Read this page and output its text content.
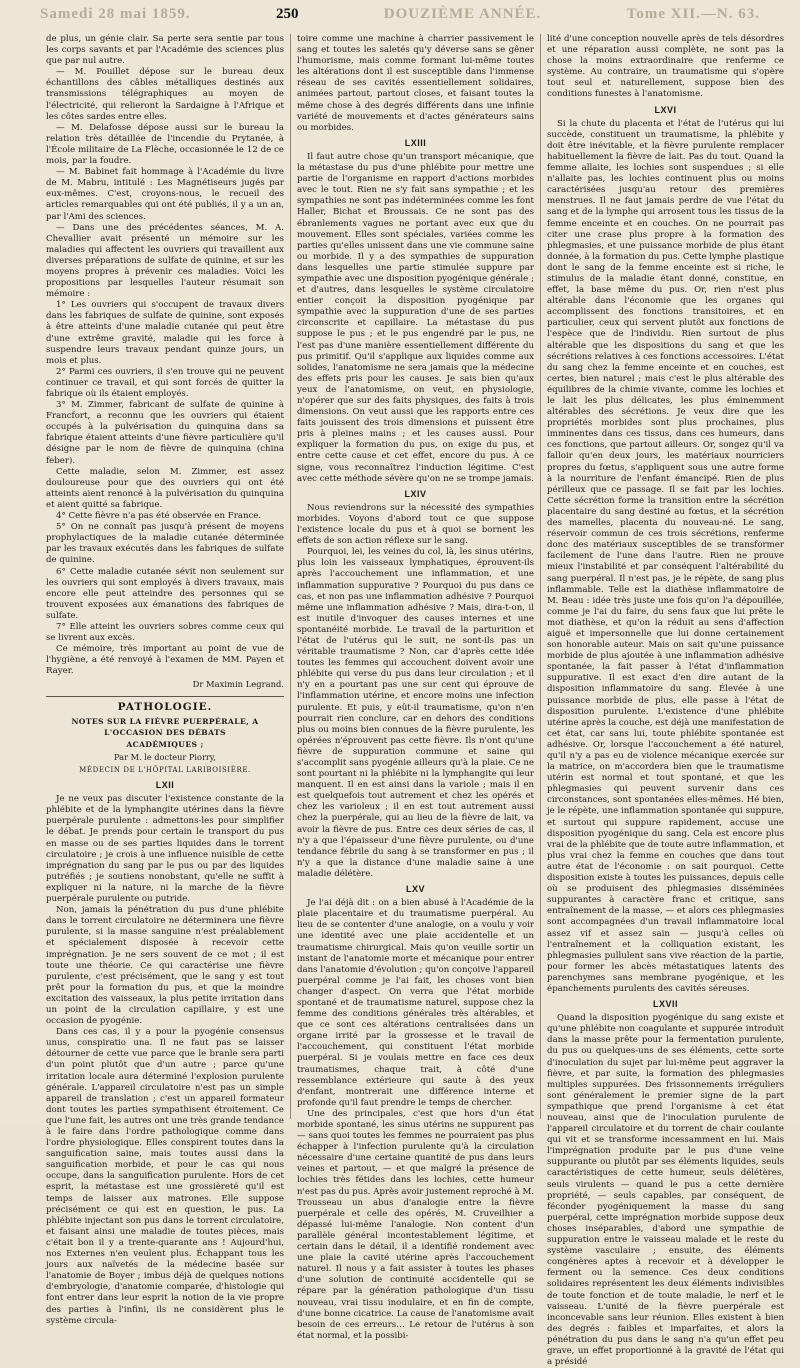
Samedi 28 mai 1859.	250	DOUZIÈME ANNÉE.	Tome XII.—N. 63.

de plus, un génie clair. Sa perte sera sentie par tous les corps savants et par l'Académie des sciences plus que par nul autre.

— M. Pouillet dépose sur le bureau deux échantillons des câbles métalliques destinés aux transmissions télégraphiques au moyen de l'électricité, qui relieront la Sardaigne à l'Afrique et les côtes sardes entre elles.

— M. Delafosse dépose aussi sur le bureau la relation très détaillée de l'incendie du Prytanée, à l'École militaire de La Flèche, occasionnée le 12 de ce mois, par la foudre.

— M. Babinet fait hommage à l'Académie du livre de M. Mabru, intitulé : Les Magnétiseurs jugés par eux-mêmes. C'est, croyons-nous, le recueil des articles remarquables qui ont été publiés, il y a un an, par l'Ami des sciences.

— Dans une des précédentes séances, M. A. Chevallier avait présenté un mémoire sur les maladies qui affectent les ouvriers qui travaillent aux diverses préparations de sulfate de quinine, et sur les moyens propres à prévenir ces maladies. Voici les propositions par lesquelles l'auteur résumait son mémoire :

1° Les ouvriers qui s'occupent de travaux divers dans les fabriques de sulfate de quinine, sont exposés à être atteints d'une maladie cutanée qui peut être d'une extrême gravité, maladie qui les force à suspendre leurs travaux pendant quinze jours, un mois et plus.

2° Parmi ces ouvriers, il s'en trouve qui ne peuvent continuer ce travail, et qui sont forcés de quitter la fabrique où ils étaient employés.

3° M. Zimmer, fabricant de sulfate de quinine à Francfort, a reconnu que les ouvriers qui étaient occupés à la pulvérisation du quinquina dans sa fabrique étaient atteints d'une fièvre particulière qu'il désigne par le nom de fièvre de quinquina (china feber).

Cette maladie, selon M. Zimmer, est assez douloureuse pour que des ouvriers qui ont été atteints aient renoncé à la pulvérisation du quinquina et aient quitté sa fabrique.

4° Cette fièvre n'a pas été observée en France.

5° On ne connaît pas jusqu'à présent de moyens prophylactiques de la maladie cutanée déterminée par les travaux exécutés dans les fabriques de sulfate de quinine.

6° Cette maladie cutanée sévit non seulement sur les ouvriers qui sont employés à divers travaux, mais encore elle peut atteindre des personnes qui se trouvent exposées aux émanations des fabriques de sulfate.

7° Elle atteint les ouvriers sobres comme ceux qui se livrent aux excès.

Ce mémoire, très important au point de vue de l'hygiène, a été renvoyé à l'examen de MM. Payen et Rayer.

Dr Maximin Legrand.
PATHOLOGIE.
NOTES SUR LA FIÈVRE PUERPÉRALE, A L'OCCASION DES DÉBATS
ACADÉMIQUES ;
Par M. le docteur Piorry,
MÉDECIN DE L'HÔPITAL LARIBOISIÈRE.
LXII

Je ne veux pas discuter l'existence constante de la phlébite et de la lymphangite utérines dans la fièvre puerpérale purulente : admettons-les pour simplifier le débat. Je prends pour certain le transport du pus en masse ou de ses parties liquides dans le torrent circulatoire ; je crois à une influence nuisible de cette imprégnation du sang par le pus ou par des liquides putréfiés ; je soutiens nonobstant, qu'elle ne suffit à expliquer ni la nature, ni la marche de la fièvre puerpérale purulente ou putride.

Non, jamais la pénétration du pus d'une phlébite dans le torrent circulatoire ne déterminera une fièvre purulente, si la masse sanguine n'est préalablement et spécialement disposée à recevoir cette imprégnation. Je ne sers souvent de ce mot ; il est toute une théorie. Ce qui caractérise une fièvre purulente, c'est précisément, que le sang y est tout prêt pour la formation du pus, et que la moindre excitation des vaisseaux, la plus petite irritation dans un point de la circulation capillaire, y est une occasion de pyogénie.

Dans ces cas, il y a pour la pyogénie consensus unus, conspiratio una. Il ne faut pas se laisser détourner de cette vue parce que le branle sera parti d'un point plutôt que d'un autre ; parce qu'une irritation locale aura déterminé l'explosion purulente générale. L'appareil circulatoire n'est pas un simple appareil de translation ; c'est un appareil formateur dont toutes les parties sympathisent étroitement. Ce que l'une fait, les autres ont une très grande tendance à le faire dans l'ordre pathologique comme dans l'ordre physiologique. Elles conspirent toutes dans la sanguification saine, mais toutes aussi dans la sanguification morbide, et pour le cas qui nous occupe, dans la sanguification purulente. Hors de cet esprit, la métastase est une grossièreté qu'il est temps de laisser aux matrones. Elle suppose précisément ce qui est en question, le pus. La phlébite injectant son pus dans le torrent circulatoire, et faisant ainsi une maladie de toutes pièces, mais c'était bon il y a trente-quarante ans ! Aujourd'hui, nos Externes n'en veulent plus. Échappant tous les jours aux naïvetés de la médecine basée sur l'anatomie de Boyer ; imbus déjà de quelques notions d'embryologie, d'anatomie comparée, d'histologie qui font entrer dans leur esprit la notion de la vie propre des parties à l'infini, ils ne considèrent plus le système circula-

toire comme une machine à charrier passivement le sang et toutes les saletés qu'y déverse sans se gêner l'humorisme, mais comme formant lui-même toutes les altérations dont il est susceptible dans l'immense réseau de ses cavités essentiellement solidaires, animées partout, partout closes, et faisant toutes la même chose à des degrés différents dans une infinie variété de mouvements et d'actes générateurs sains ou morbides.

LXIII

Il faut autre chose qu'un transport mécanique, que la métastase du pus d'une phlébite pour mettre une partie de l'organisme en rapport d'actions morbides avec le tout. Rien ne s'y fait sans sympathie ; et les sympathies ne sont pas indéterminées comme les font Haller, Bichat et Broussais. Ce ne sont pas des ébranlements vagues ne portant avec eux que du mouvement. Elles sont spéciales, variées comme les parties qu'elles unissent dans une vie commune saine ou morbide. Il y a des sympathies de suppuration dans lesquelles une partie stimulée suppure par sympathie avec une disposition pyogénique générale ; et d'autres, dans lesquelles le système circulatoire entier conçoit la disposition pyogénique par sympathie avec la suppuration d'une de ses parties circonscrite et capillaire. La métastase du pus suppose le pus ; et le pus engendré par le pus, ne l'est pas d'une manière essentiellement différente du pus primitif. Qu'il s'applique aux liquides comme aux solides, l'anatomisme ne sera jamais que la médecine des effets pris pour les causes. Je sais bien qu'aux yeux de l'anatomisme, on veut, en physiologie, n'opérer que sur des faits physiques, des faits à trois dimensions. On veut aussi que les rapports entre ces faits jouissent des trois dimensions et puissent être pris à pleines mains ; et les causes aussi. Pour expliquer la formation du pus, on exige du pus, et entre cette cause et cet effet, encore du pus. À ce signe, vous reconnaîtrez l'induction légitime. C'est avec cette méthode sévère qu'on ne se trompe jamais.

LXIV

Nous reviendrons sur la nécessité des sympathies morbides. Voyons d'abord tout ce que suppose l'existence locale du pus et à quoi se bornent les effets de son action réflexe sur le sang.

Pourquoi, lei, les veines du col, là, les sinus utérins, plus loin les vaisseaux lymphatiques, éprouvent-ils après l'accouchement une inflammation, et une inflammation suppurative ? Pourquoi du pus dans ce cas, et non pas une inflammation adhésive ? Pourquoi même une inflammation adhésive ? Mais, dira-t-on, il est inutile d'invoquer des causes internes et une spontanéité morbide. Le travail de la parturition et l'état de l'utérus qui le suit, ne sont-ils pas un véritable traumatisme ? Non, car d'après cette idée toutes les femmes qui accouchent doivent avoir une phlébite qui verse du pus dans leur circulation ; et il n'y en a pourtant pas une sur cent qui éprouve de l'inflammation utérine, et encore moins une infection purulente. Et puis, y eût-il traumatisme, qu'on n'en pourrait rien conclure, car en dehors des conditions plus ou moins bien connues de la fièvre purulente, les opérées n'éprouvent pas cette fièvre. Ils n'ont qu'une fièvre de suppuration commune et saine qui s'accomplit sans pyogénie ailleurs qu'à la plaie. Ce ne sont pourtant ni la phlébite ni la lymphangite qui leur manquent. Il en est ainsi dans la variole ; mais il en est quelquefois tout autrement et chez les opérés et chez les varioleux ; il en est tout autrement aussi chez la puerpérale, qui au lieu de la fièvre de lait, va avoir la fièvre de pus. Entre ces deux séries de cas, il n'y a que l'épaisseur d'une fièvre purulente, ou d'une tendance fébrile du sang à se transformer en pus ; il n'y a que la distance d'une maladie saine à une maladie délétère.

LXV

Je l'ai déjà dit : on a bien abusé à l'Académie de la plaie placentaire et du traumatisme puerpéral. Au lieu de se contenter d'une analogie, on a voulu y voir une identité avec une plaie accidentelle et un traumatisme chirurgical. Mais qu'on veuille sortir un instant de l'anatomie morte et mécanique pour entrer dans l'anatomie d'évolution ; qu'on conçoive l'appareil puerpéral comme je l'ai fait, les choses vont bien changer d'aspect. On verra que l'état morbide spontané et de traumatisme naturel, suppose chez la femme des conditions générales très altérables, et que ce sont ces altérations centralisées dans un organe irrité par la grossesse et le travail de l'accouchement, qui constituent l'état morbide puerpéral. Si je voulais mettre en face ces deux traumatismes, chaque trait, à côté d'une ressemblance extérieure qui saute à des yeux d'enfant, montrerait une différence interne et profonde qu'il faut prendre le temps de chercher.

Une des principales, c'est que hors d'un état morbide spontané, les sinus utérins ne suppurent pas — sans quoi toutes les femmes ne pourraient pas plus échapper à l'infection purulente qu'à la circulation nécessaire d'une certaine quantité de pus dans leurs veines et partout, — et que malgré la présence de lochies très fétides dans les lochies, cette humeur n'est pas du pus. Après avoir justement reproché à M. Trousseau un abus d'analogie entre la fièvre puerpérale et celle des opérés, M. Cruveilhier a dépassé lui-même l'analogie. Non content d'un parallèle général incontestablement légitime, et certain dans le détail, il a identifié rondement avec une plaie la cavité utérine après l'accouchement naturel. Il nous y a fait assister à toutes les phases d'une solution de continuité accidentelle qui se répare par la génération pathologique d'un tissu nouveau, vrai tissu inodulaire, et en fin de compte, d'une bonne cicatrice. La cause de l'anatomisme avait besoin de ces erreurs… Le retour de l'utérus à son état normal, et la possibi-

lité d'une conception nouvelle après de tels désordres et une réparation aussi complète, ne sont pas la chose la moins extraordinaire que renferme ce système. Au contraire, un traumatisme qui s'opère tout seul et naturellement, suppose bien des conditions funestes à l'anatomisme.

LXVI

Si la chute du placenta et l'état de l'utérus qui lui succède, constituent un traumatisme, la phlébite y doit être inévitable, et la fièvre purulente remplacer habituellement la fièvre de lait. Pas du tout. Quand la femme allaite, les lochies sont suspendues ; si elle n'allaite pas, les lochies continuent plus ou moins caractérisées jusqu'au retour des premières menstrues. Il ne faut jamais perdre de vue l'état du sang et de la lymphe qui arrosent tous les tissus de la femme enceinte et en couches. On ne pourrait pas citer une crase plus propre à la formation des phlegmasies, et une puissance morbide de plus étant donnée, à la formation du pus. Cette lymphe plastique dont le sang de la femme enceinte est si riche, le stimulus de la maladie étant donné, constitue, en effet, la base même du pus. Or, rien n'est plus altérable dans l'économie que les organes qui accomplissent des fonctions transitoires, et en particulier, ceux qui servent plutôt aux fonctions de l'espèce que de l'individu. Rien surtout de plus altérable que les dispositions du sang et que les sécrétions relatives à ces fonctions accessoires. L'état du sang chez la femme enceinte et en couches, est certes, bien naturel ; mais c'est le plus altérable des équilibres de la chimie vivante, comme les lochies et le lait les plus délicates, les plus éminemment altérables des sécrétions. Je veux dire que les propriétés morbides sont plus prochaines, plus imminentes dans ces tissus, dans ces humeurs, dans ces fonctions, que partout ailleurs. Or, songez qu'il va falloir qu'en deux jours, les matériaux nourriciers propres du fœtus, s'appliquent sous une autre forme à la nourriture de l'enfant émancipé. Rien de plus périlleux que ce passage. Il se fait par les lochies. Cette sécrétion forme la transition entre la sécrétion placentaire du sang destiné au fœtus, et la sécrétion des mamelles, placenta du nouveau-né. Le sang, réservoir commun de ces trois sécrétions, renferme donc des matériaux susceptibles de se transformer facilement de l'une dans l'autre. Rien ne prouve mieux l'instabilité et par conséquent l'altérabilité du sang puerpéral. Il n'est pas, je le répète, de sang plus inflammable. Telle est la diathèse inflammatoire de M. Beau : idée très juste une fois qu'on l'a dépouillée, comme je l'ai du faire, du sens faux que lui prête le mot diathèse, et qu'on la réduit au sens d'affection aiguë et impersonnelle que lui donne certainement son honorable auteur. Mais on sait qu'une puissance morbide de plus ajoutée à une inflammation adhésive spontanée, la fait passer à l'état d'inflammation suppurative. Il est exact d'en dire autant de la disposition inflammatoire du sang. Élevée à une puissance morbide de plus, elle passe à l'état de disposition purulente. L'existence d'une phlébite utérine après la couche, est déjà une manifestation de cet état, car sans lui, toute phlébite spontanée est adhésive. Or, lorsque l'accouchement a été naturel, qu'il n'y a pas eu de violence mécanique exercée sur la matrice, on m'accordera bien que le traumatisme utérin est normal et tout spontané, et que les phlegmasies qui peuvent survenir dans ces circonstances, sont spontanées elles-mêmes. Hé bien, je le répète, une inflammation spontanée qui suppure, et surtout qui suppure rapidement, accuse une disposition pyogénique du sang. Cela est encore plus vrai de la phlébite que de toute autre inflammation, et plus vrai chez la femme en couches que dans tout autre état de l'économie : on sait pourquoi. Cette disposition existe à toutes les puissances, depuis celle où se produisent des phlegmasies disséminées suppurantes à caractère franc et critique, sans entraînement de la masse, — et alors ces phlegmasies sont accompagnées d'un travail inflammatoire local assez vif et assez sain — jusqu'à celles où l'entraînement et la colliquation existant, les phlegmasies pullulent sans vive réaction de la partie, pour former les abcès métastatiques latents des parenchymes sans membrane pyogénique, et les épanchements purulents des cavités séreuses.

LXVII

Quand la disposition pyogénique du sang existe et qu'une phlébite non coagulante et suppurée introduit dans la masse prête pour la fermentation purulente, du pus ou quelques-uns de ses éléments, cette sorte d'inoculation du sujet par lui-même peut aggraver la fièvre, et par suite, la formation des phlegmasies multiples suppurées. Des frissonnements irréguliers sont généralement le premier signe de la part sympathique que prend l'organisme à cet état nouveau, ainsi que de l'inoculation purulente de l'appareil circulatoire et du torrent de chair coulante qui vit et se transforme incessamment en lui. Mais l'imprégnation produite par le pus d'une veine suppurante ou plutôt par ses éléments liquides, seuls caractéristiques de cette humeur, seuls délétères, seuls virulents — quand le pus a cette dernière propriété, — seuls capables, par conséquent, de féconder pyogéniquement la masse du sang puerpéral, cette imprégnation morbide suppose deux choses inséparables, d'abord une sympathie de suppuration entre le vaisseau malade et le reste du système vasculaire ; ensuite, des éléments congénères aptes à recevoir et à développer le ferment ou la semence. Ces deux conditions solidaires représentent les deux éléments indivisibles de toute fonction et de toute maladie, le nerf et le vaisseau. L'unité de la fièvre puerpérale est inconcevable sans leur réunion. Elles existent à bien des degrés : faibles et imparfaites, et alors la pénétration du pus dans le sang n'a qu'un effet peu grave, un effet proportionné à la gravité de l'état qui a présidé
